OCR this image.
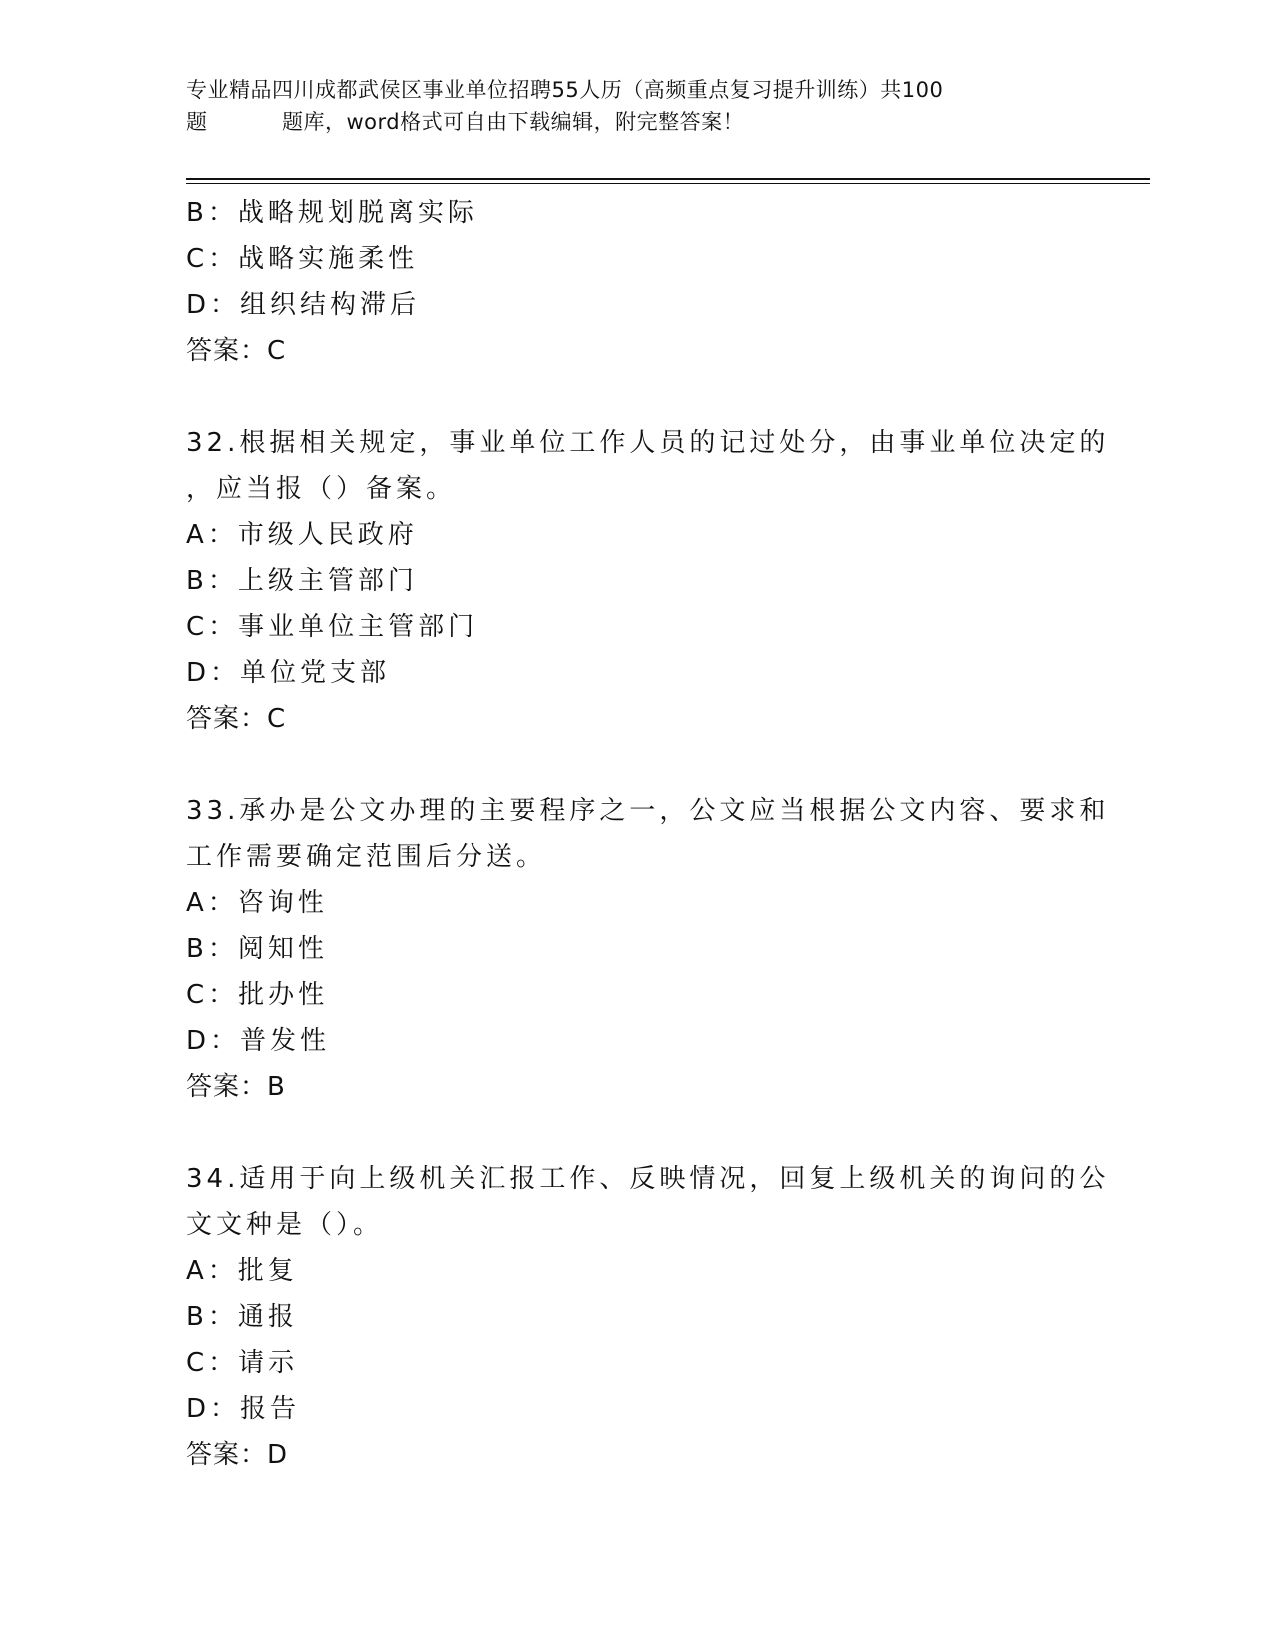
专业精品四川成都武侯区事业单位招聘55人历（高频重点复习提升训练）共100
题	题库，word格式可自由下载编辑，附完整答案！
B：战略规划脱离实际
C：战略实施柔性
D：组织结构滞后
答案：C
32.根据相关规定，事业单位工作人员的记过处分，由事业单位决定的
，应当报（）备案。
A：市级人民政府
B：上级主管部门
C：事业单位主管部门
D：单位党支部
答案：C
33.承办是公文办理的主要程序之一，公文应当根据公文内容、要求和
工作需要确定范围后分送。
A：咨询性
B：阅知性
C：批办性
D：普发性
答案：B
34.适用于向上级机关汇报工作、反映情况，回复上级机关的询问的公
文文种是（）。
A：批复
B：通报
C：请示
D：报告
答案：D
